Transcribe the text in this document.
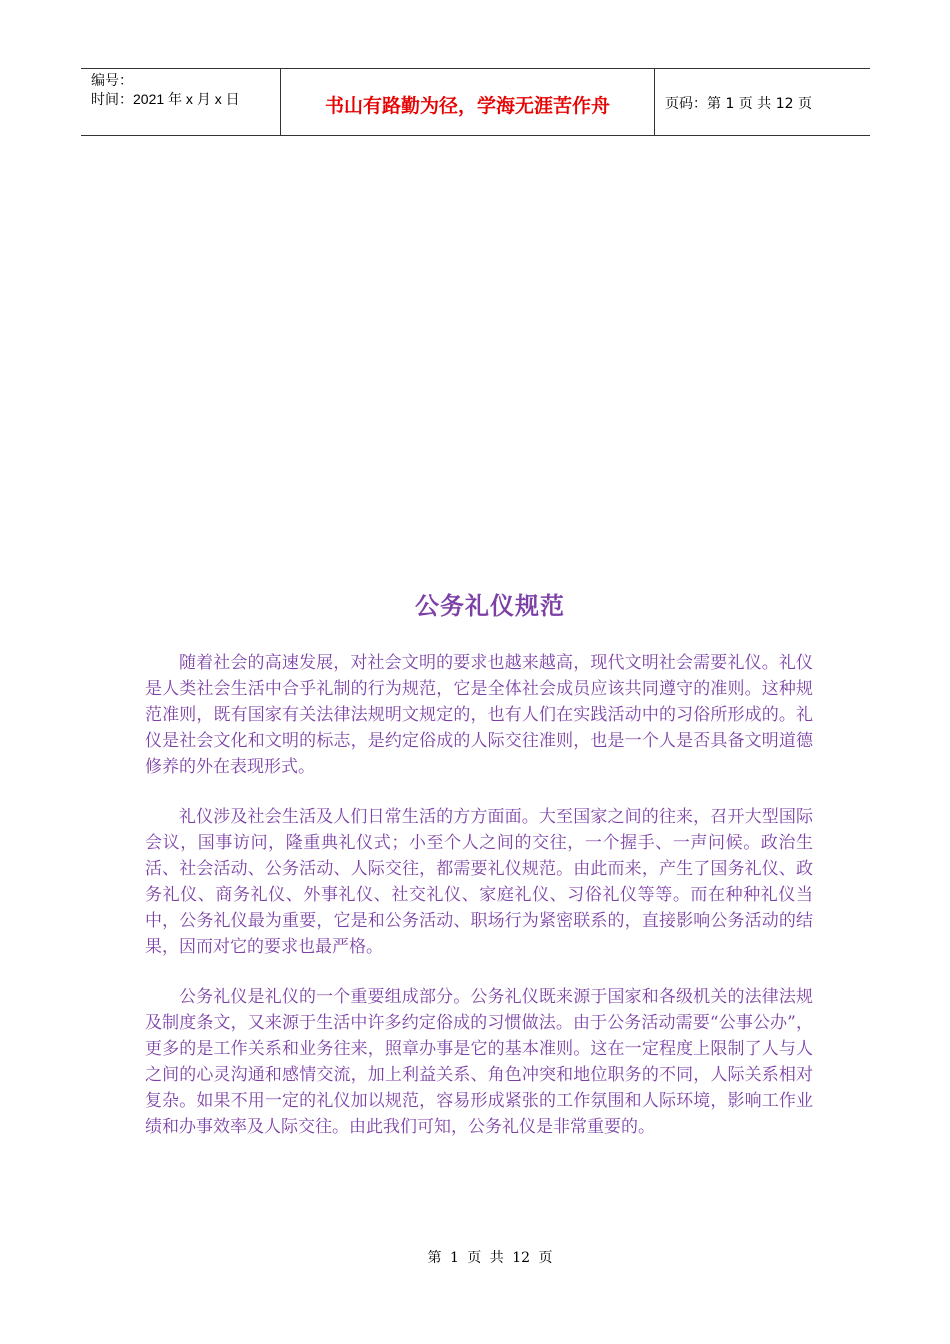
编号：
时间：2021 年 x 月 x 日	书山有路勤为径，学海无涯苦作舟	页码：第 1 页 共 12 页
公务礼仪规范

随着社会的高速发展，对社会文明的要求也越来越高，现代文明社会需要礼仪。礼仪是人类社会生活中合乎礼制的行为规范，它是全体社会成员应该共同遵守的准则。这种规范准则，既有国家有关法律法规明文规定的，也有人们在实践活动中的习俗所形成的。礼仪是社会文化和文明的标志，是约定俗成的人际交往准则，也是一个人是否具备文明道德修养的外在表现形式。

礼仪涉及社会生活及人们日常生活的方方面面。大至国家之间的往来，召开大型国际会议，国事访问，隆重典礼仪式；小至个人之间的交往，一个握手、一声问候。政治生活、社会活动、公务活动、人际交往，都需要礼仪规范。由此而来，产生了国务礼仪、政务礼仪、商务礼仪、外事礼仪、社交礼仪、家庭礼仪、习俗礼仪等等。而在种种礼仪当中，公务礼仪最为重要，它是和公务活动、职场行为紧密联系的，直接影响公务活动的结果，因而对它的要求也最严格。

公务礼仪是礼仪的一个重要组成部分。公务礼仪既来源于国家和各级机关的法律法规及制度条文，又来源于生活中许多约定俗成的习惯做法。由于公务活动需要“公事公办”，更多的是工作关系和业务往来，照章办事是它的基本准则。这在一定程度上限制了人与人之间的心灵沟通和感情交流，加上利益关系、角色冲突和地位职务的不同，人际关系相对复杂。如果不用一定的礼仪加以规范，容易形成紧张的工作氛围和人际环境，影响工作业绩和办事效率及人际交往。由此我们可知，公务礼仪是非常重要的。

第 1 页 共 12 页
